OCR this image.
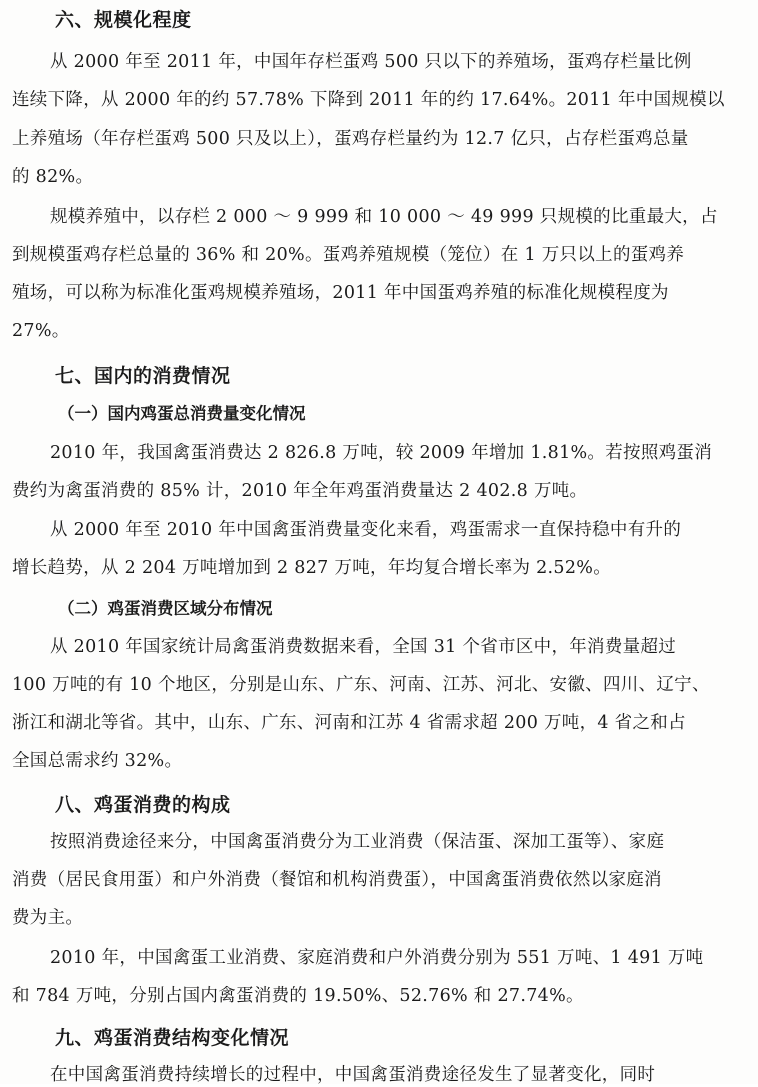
六、规模化程度
从 2000 年至 2011 年，中国年存栏蛋鸡 500 只以下的养殖场，蛋鸡存栏量比例
连续下降，从 2000 年的约 57.78% 下降到 2011 年的约 17.64%。2011 年中国规模以
上养殖场（年存栏蛋鸡 500 只及以上），蛋鸡存栏量约为 12.7 亿只，占存栏蛋鸡总量
的 82%。
规模养殖中，以存栏 2 000 ～ 9 999 和 10 000 ～ 49 999 只规模的比重最大，占
到规模蛋鸡存栏总量的 36% 和 20%。蛋鸡养殖规模（笼位）在 1 万只以上的蛋鸡养
殖场，可以称为标准化蛋鸡规模养殖场，2011 年中国蛋鸡养殖的标准化规模程度为
27%。
七、国内的消费情况
（一）国内鸡蛋总消费量变化情况
2010 年，我国禽蛋消费达 2 826.8 万吨，较 2009 年增加 1.81%。若按照鸡蛋消
费约为禽蛋消费的 85% 计，2010 年全年鸡蛋消费量达 2 402.8 万吨。
从 2000 年至 2010 年中国禽蛋消费量变化来看，鸡蛋需求一直保持稳中有升的
增长趋势，从 2 204 万吨增加到 2 827 万吨，年均复合增长率为 2.52%。
（二）鸡蛋消费区域分布情况
从 2010 年国家统计局禽蛋消费数据来看，全国 31 个省市区中，年消费量超过
100 万吨的有 10 个地区，分别是山东、广东、河南、江苏、河北、安徽、四川、辽宁、
浙江和湖北等省。其中，山东、广东、河南和江苏 4 省需求超 200 万吨，4 省之和占
全国总需求约 32%。
八、鸡蛋消费的构成
按照消费途径来分，中国禽蛋消费分为工业消费（保洁蛋、深加工蛋等）、家庭
消费（居民食用蛋）和户外消费（餐馆和机构消费蛋），中国禽蛋消费依然以家庭消
费为主。
2010 年，中国禽蛋工业消费、家庭消费和户外消费分别为 551 万吨、1 491 万吨
和 784 万吨，分别占国内禽蛋消费的 19.50%、52.76% 和 27.74%。
九、鸡蛋消费结构变化情况
在中国禽蛋消费持续增长的过程中，中国禽蛋消费途径发生了显著变化，同时
